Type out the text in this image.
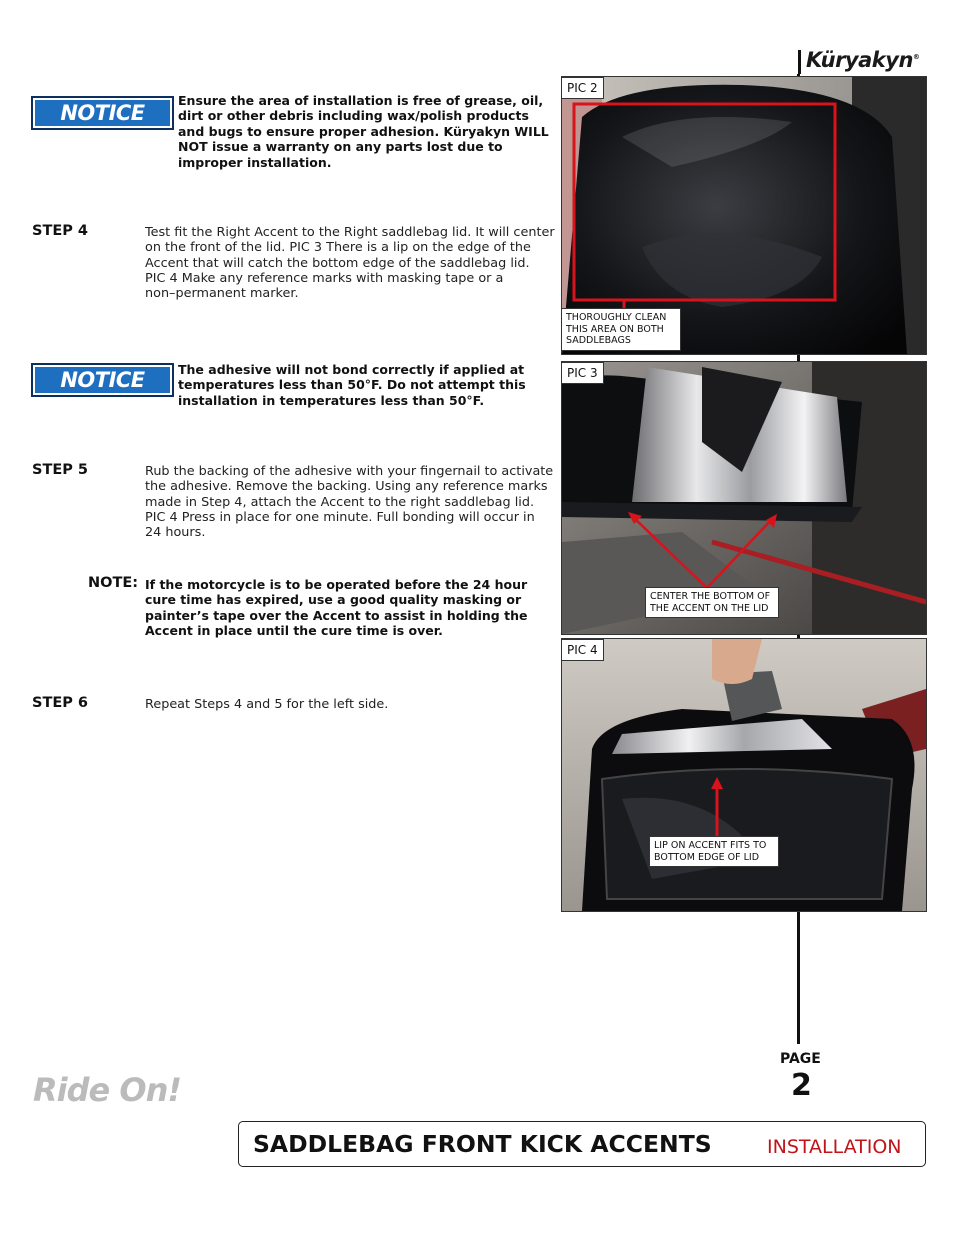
Küryakyn®
NOTICE
Ensure the area of installation is free of grease, oil,
dirt or other debris including wax/polish products
and bugs to ensure proper adhesion. Küryakyn WILL
NOT issue a warranty on any parts lost due to
improper installation.
STEP 4	Test fit the Right Accent to the Right saddlebag lid. It will center
on the front of the lid. PIC 3 There is a lip on the edge of the
Accent that will catch the bottom edge of the saddlebag lid.
PIC 4 Make any reference marks with masking tape or a
non–permanent marker.
NOTICE	The adhesive will not bond correctly if applied at
temperatures less than 50°F. Do not attempt this
installation in temperatures less than 50°F.
STEP 5	Rub the backing of the adhesive with your fingernail to activate
the adhesive. Remove the backing. Using any reference marks
made in Step 4, attach the Accent to the right saddlebag lid.
PIC 4 Press in place for one minute. Full bonding will occur in
24 hours.
NOTE: If the motorcycle is to be operated before the 24 hour
cure time has expired, use a good quality masking or
painter’s tape over the Accent to assist in holding the
Accent in place until the cure time is over.
STEP 6	Repeat Steps 4 and 5 for the left side.
PIC 2
THOROUGHLY CLEAN
THIS AREA ON BOTH
SADDLEBAGS
PIC 3
CENTER THE BOTTOM OF
THE ACCENT ON THE LID
PIC 4
LIP ON ACCENT FITS TO
BOTTOM EDGE OF LID
PAGE
2
Ride On!
SADDLEBAG FRONT KICK ACCENTS	INSTALLATION
